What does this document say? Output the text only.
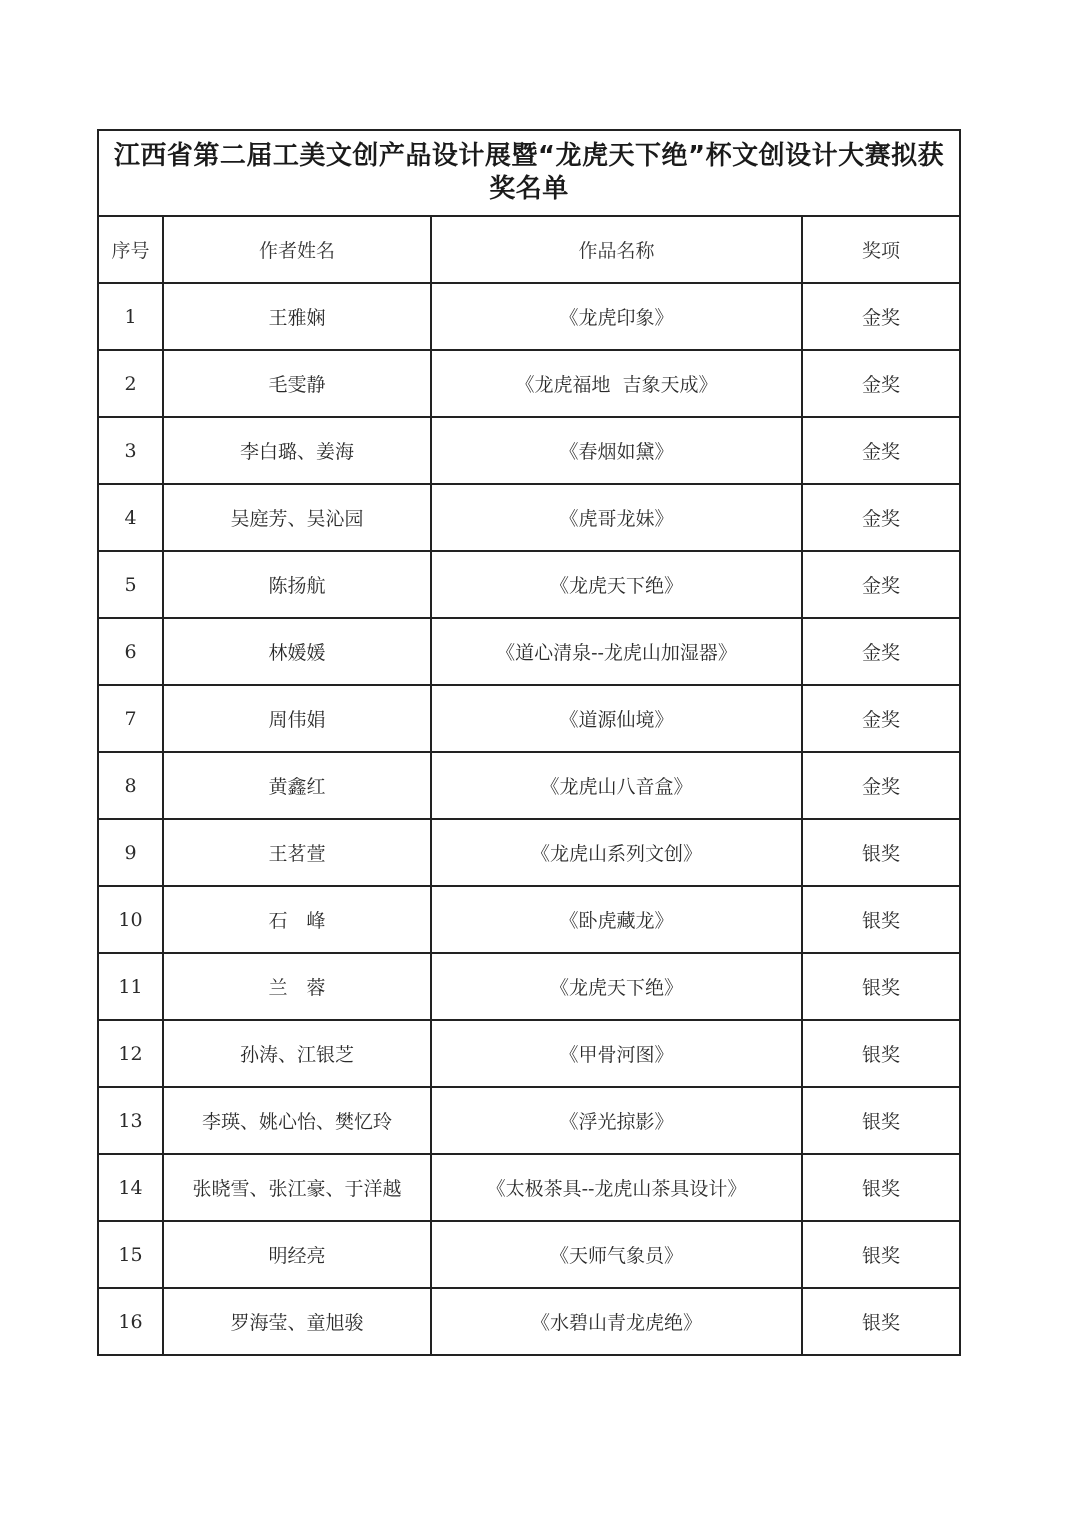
江西省第二届工美文创产品设计展暨“龙虎天下绝”杯文创设计大赛拟获奖名单			
序号	作者姓名	作品名称	奖项
1	王雅娴	《龙虎印象》	金奖
2	毛雯静	《龙虎福地  吉象天成》	金奖
3	李白璐、姜海	《春烟如黛》	金奖
4	吴庭芳、吴沁园	《虎哥龙妹》	金奖
5	陈扬航	《龙虎天下绝》	金奖
6	林媛媛	《道心清泉--龙虎山加湿器》	金奖
7	周伟娟	《道源仙境》	金奖
8	黄鑫红	《龙虎山八音盒》	金奖
9	王茗萱	《龙虎山系列文创》	银奖
10	石　峰	《卧虎藏龙》	银奖
11	兰　蓉	《龙虎天下绝》	银奖
12	孙涛、江银芝	《甲骨河图》	银奖
13	李瑛、姚心怡、樊忆玲	《浮光掠影》	银奖
14	张晓雪、张江豪、于洋越	《太极茶具--龙虎山茶具设计》	银奖
15	明经亮	《天师气象员》	银奖
16	罗海莹、童旭骏	《水碧山青龙虎绝》	银奖
